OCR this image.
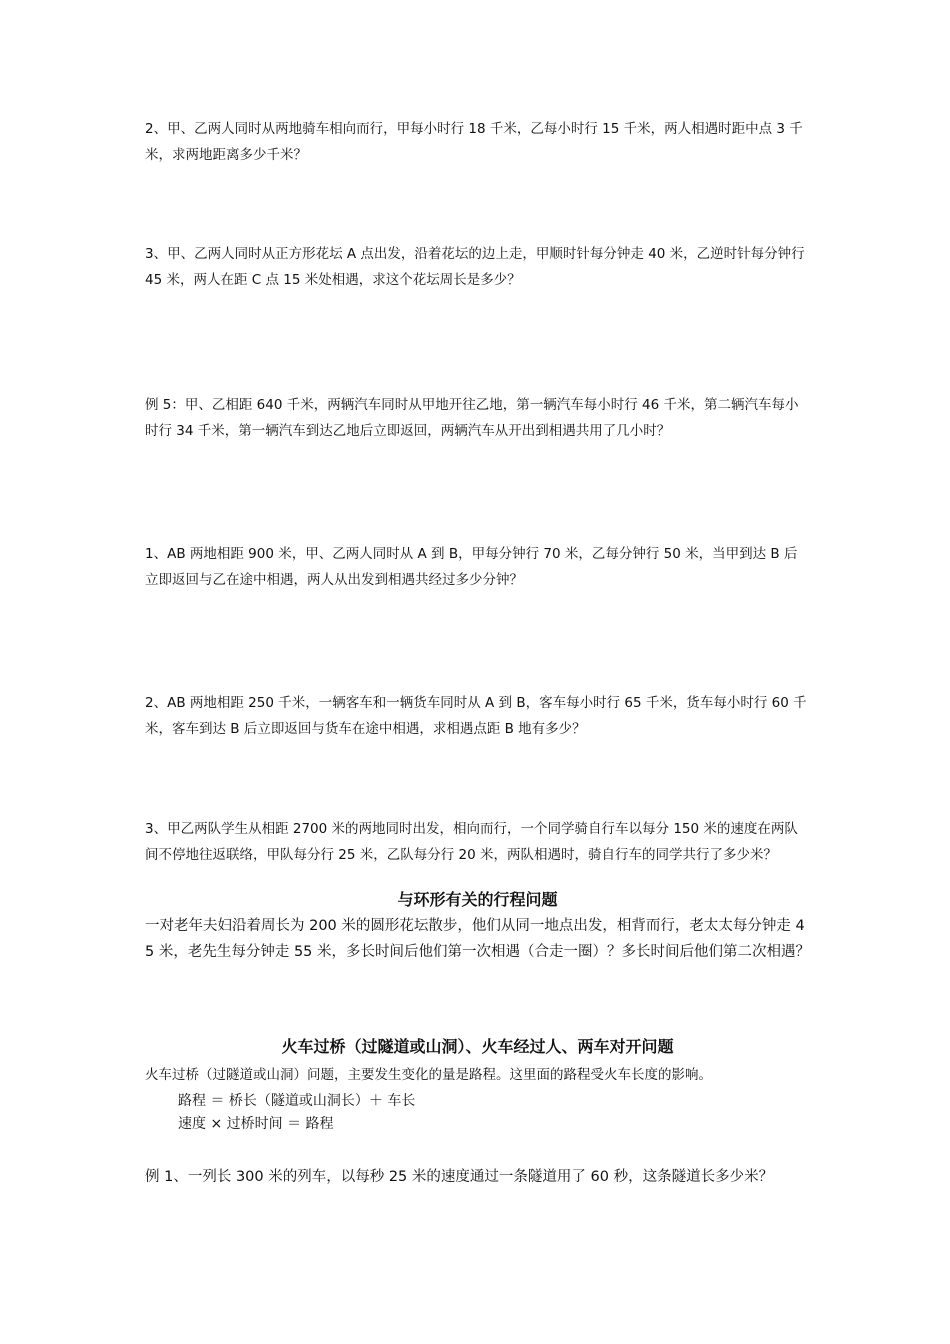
2、甲、乙两人同时从两地骑车相向而行，甲每小时行 18 千米，乙每小时行 15 千米，两人相遇时距中点 3 千米，求两地距离多少千米？

3、甲、乙两人同时从正方形花坛 A 点出发，沿着花坛的边上走，甲顺时针每分钟走 40 米，乙逆时针每分钟行 45 米，两人在距 C 点 15 米处相遇，求这个花坛周长是多少？

例 5：甲、乙相距 640 千米，两辆汽车同时从甲地开往乙地，第一辆汽车每小时行 46 千米，第二辆汽车每小时行 34 千米，第一辆汽车到达乙地后立即返回，两辆汽车从开出到相遇共用了几小时？

1、AB 两地相距 900 米，甲、乙两人同时从 A 到 B，甲每分钟行 70 米，乙每分钟行 50 米，当甲到达 B 后立即返回与乙在途中相遇，两人从出发到相遇共经过多少分钟？

2、AB 两地相距 250 千米，一辆客车和一辆货车同时从 A 到 B，客车每小时行 65 千米，货车每小时行 60 千米，客车到达 B 后立即返回与货车在途中相遇，求相遇点距 B 地有多少？

3、甲乙两队学生从相距 2700 米的两地同时出发，相向而行，一个同学骑自行车以每分 150 米的速度在两队间不停地往返联络，甲队每分行 25 米，乙队每分行 20 米，两队相遇时，骑自行车的同学共行了多少米？

与环形有关的行程问题

一对老年夫妇沿着周长为 200 米的圆形花坛散步，他们从同一地点出发，相背而行，老太太每分钟走 45 米，老先生每分钟走 55 米，多长时间后他们第一次相遇（合走一圈）？多长时间后他们第二次相遇？

火车过桥（过隧道或山洞）、火车经过人、两车对开问题

火车过桥（过隧道或山洞）问题，主要发生变化的量是路程。这里面的路程受火车长度的影响。

路程 ＝ 桥长（隧道或山洞长）＋ 车长

速度 × 过桥时间 ＝ 路程

例 1、一列长 300 米的列车，以每秒 25 米的速度通过一条隧道用了 60 秒，这条隧道长多少米？
